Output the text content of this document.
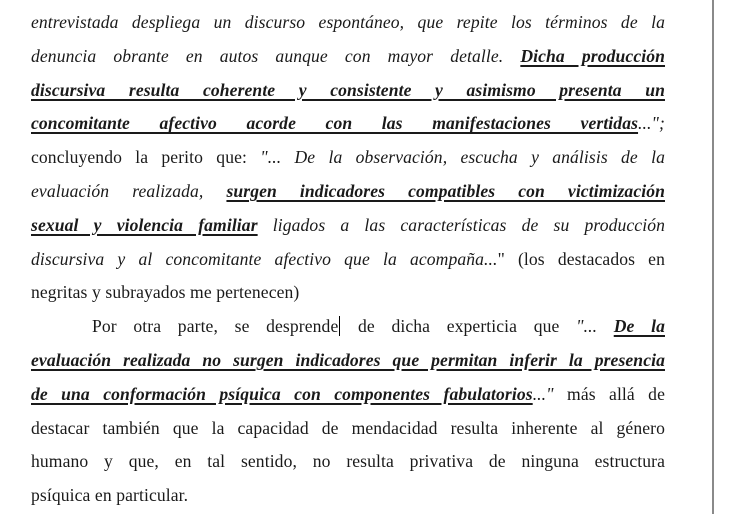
entrevistada despliega un discurso espontáneo, que repite los términos de la
denuncia obrante en autos aunque con mayor detalle. Dicha producción
discursiva resulta coherente y consistente y asimismo presenta un
concomitante afectivo acorde con las manifestaciones vertidas...";
concluyendo la perito que: "... De la observación, escucha y análisis de la
evaluación realizada, surgen indicadores compatibles con victimización
sexual y violencia familiar ligados a las características de su producción
discursiva y al concomitante afectivo que la acompaña..." (los destacados en
negritas y subrayados me pertenecen)
Por otra parte, se desprende de dicha experticia que "... De la
evaluación realizada no surgen indicadores que permitan inferir la presencia
de una conformación psíquica con componentes fabulatorios..." más allá de
destacar también que la capacidad de mendacidad resulta inherente al género
humano y que, en tal sentido, no resulta privativa de ninguna estructura
psíquica en particular.
